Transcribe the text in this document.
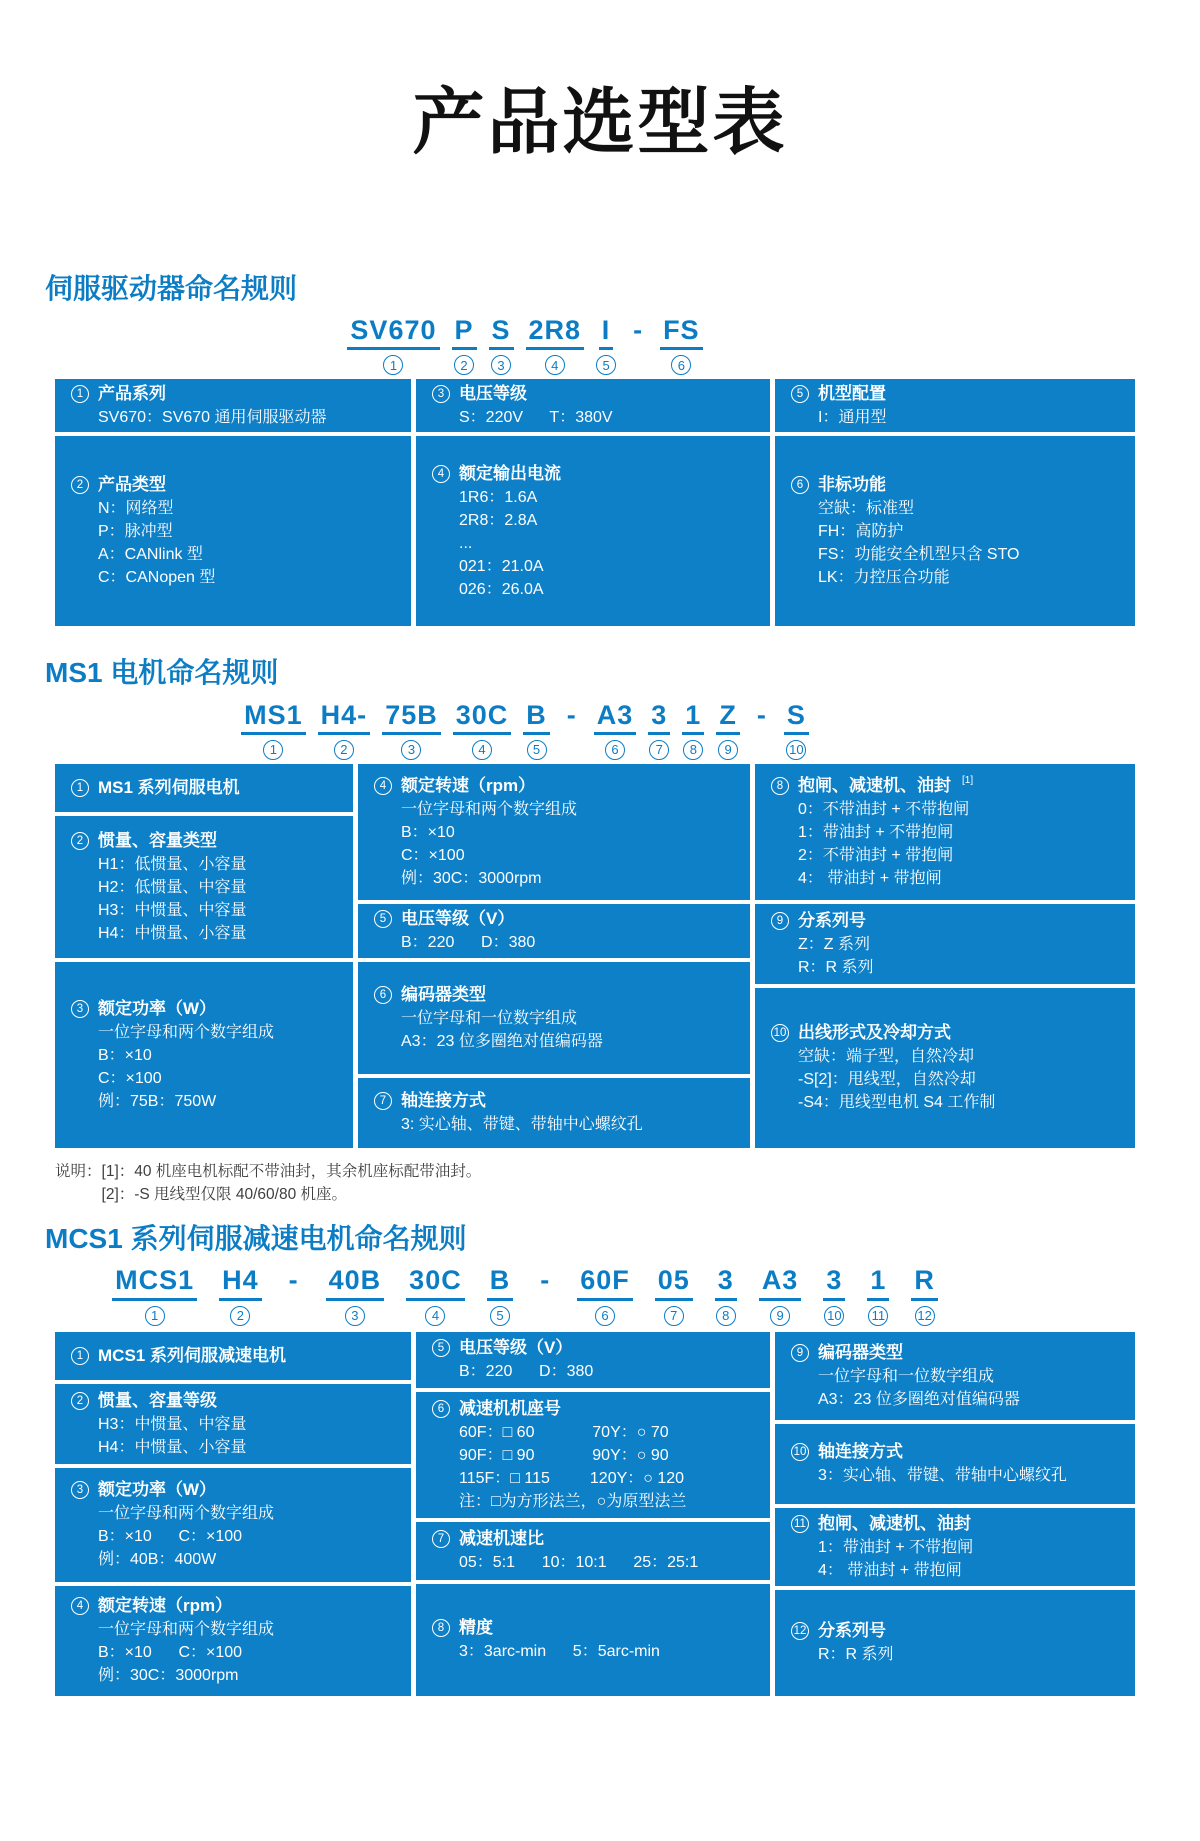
产品选型表
伺服驱动器命名规则
SV670
1
P
2
S
3
2R8
4
I
5
- FS
6
1 产品系列
SV670：SV670 通用伺服驱动器
2 产品类型
N：网络型
P：脉冲型
A：CANlink 型
C：CANopen 型
3 电压等级
S：220V      T：380V
4 额定输出电流
1R6：1.6A
2R8：2.8A
...
021：21.0A
026：26.0A
5 机型配置
I：通用型
6 非标功能
空缺：标准型
FH：高防护
FS：功能安全机型只含 STO
LK：力控压合功能
MS1 电机命名规则
MS1
1
H4-
2
75B
3
30C
4
B
5
- A3
6
3
7
1
8
Z
9
- S
10
1 MS1 系列伺服电机
2 惯量、容量类型
H1：低惯量、小容量
H2：低惯量、中容量
H3：中惯量、中容量
H4：中惯量、小容量
3 额定功率（W）
一位字母和两个数字组成
B：×10
C：×100
例：75B：750W
4 额定转速（rpm）
一位字母和两个数字组成
B：×10
C：×100
例：30C：3000rpm
5 电压等级（V）
B：220      D：380
6 编码器类型
一位字母和一位数字组成
A3：23 位多圈绝对值编码器
7 轴连接方式
3: 实心轴、带键、带轴中心螺纹孔
8 抱闸、减速机、油封 [1]
0：不带油封 + 不带抱闸
1：带油封 + 不带抱闸
2：不带油封 + 带抱闸
4： 带油封 + 带抱闸
9 分系列号
Z：Z 系列
R：R 系列
10 出线形式及冷却方式
空缺：端子型，自然冷却
-S[2]：甩线型，自然冷却
-S4：甩线型电机 S4 工作制
说明： [1]：40 机座电机标配不带油封，其余机座标配带油封。
[2]：-S 甩线型仅限 40/60/80 机座。
MCS1 系列伺服减速电机命名规则
MCS1
1
H4
2
- 40B
3
30C
4
B
5
- 60F
6
05
7
3
8
A3
9
3
10
1
11
R
12
1 MCS1 系列伺服减速电机
2 惯量、容量等级
H3：中惯量、中容量
H4：中惯量、小容量
3 额定功率（W）
一位字母和两个数字组成
B：×10      C：×100
例：40B：400W
4 额定转速（rpm）
一位字母和两个数字组成
B：×10      C：×100
例：30C：3000rpm
5 电压等级（V）
B：220      D：380
6 减速机机座号
60F：□ 60             70Y：○ 70
90F：□ 90             90Y：○ 90
115F：□ 115         120Y：○ 120
注：□为方形法兰，○为原型法兰
7 减速机速比
05：5:1      10：10:1      25：25:1
8 精度
3：3arc-min      5：5arc-min
9 编码器类型
一位字母和一位数字组成
A3：23 位多圈绝对值编码器
10 轴连接方式
3：实心轴、带键、带轴中心螺纹孔
11 抱闸、减速机、油封
1：带油封 + 不带抱闸
4： 带油封 + 带抱闸
12 分系列号
R：R 系列
